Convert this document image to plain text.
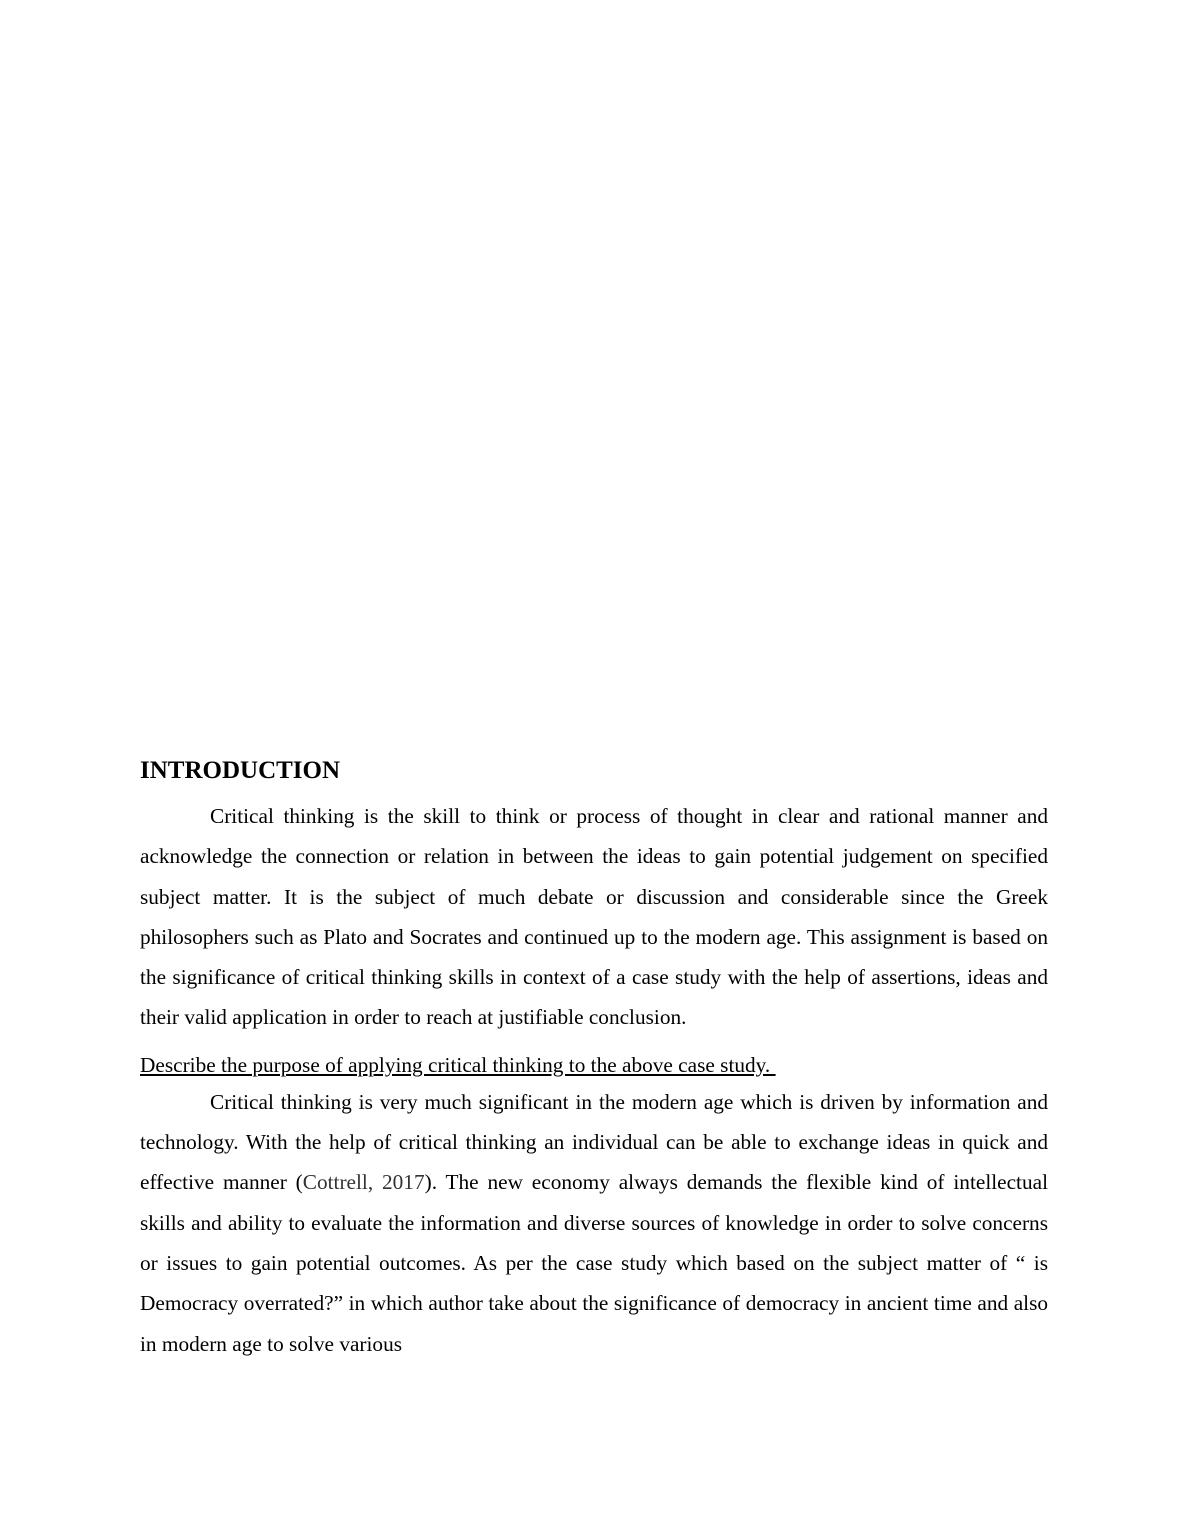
INTRODUCTION

Critical thinking is the skill to think or process of thought in clear and rational manner and acknowledge the connection or relation in between the ideas to gain potential judgement on specified subject matter. It is the subject of much debate or discussion and considerable since the Greek philosophers such as Plato and Socrates and continued up to the modern age. This assignment is based on the significance of critical thinking skills in context of a case study with the help of assertions, ideas and their valid application in order to reach at justifiable conclusion.

Describe the purpose of applying critical thinking to the above case study.

Critical thinking is very much significant in the modern age which is driven by information and technology. With the help of critical thinking an individual can be able to exchange ideas in quick and effective manner (Cottrell, 2017). The new economy always demands the flexible kind of intellectual skills and ability to evaluate the information and diverse sources of knowledge in order to solve concerns or issues to gain potential outcomes. As per the case study which based on the subject matter of “ is Democracy overrated?” in which author take about the significance of democracy in ancient time and also in modern age to solve various
